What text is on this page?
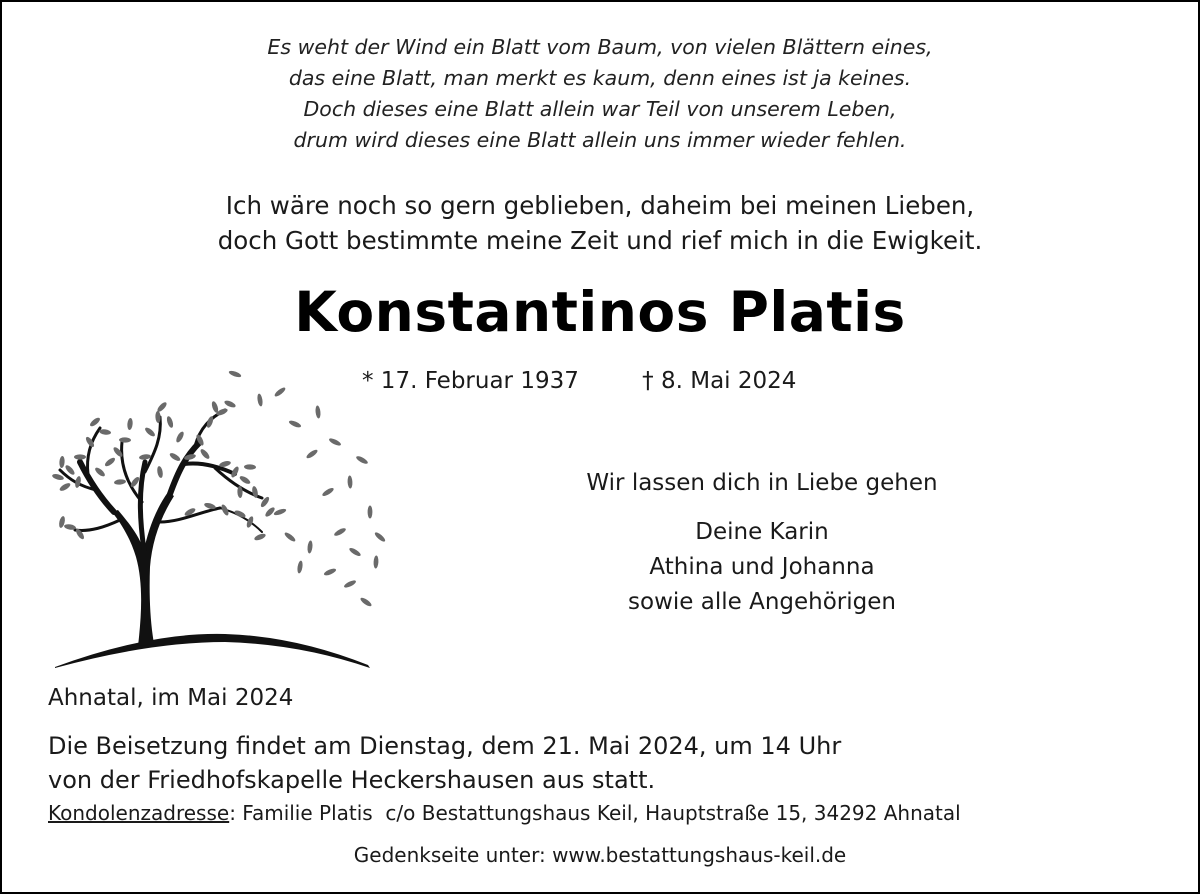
Es weht der Wind ein Blatt vom Baum, von vielen Blättern eines,
das eine Blatt, man merkt es kaum, denn eines ist ja keines.
Doch dieses eine Blatt allein war Teil von unserem Leben,
drum wird dieses eine Blatt allein uns immer wieder fehlen.
Ich wäre noch so gern geblieben, daheim bei meinen Lieben,
doch Gott bestimmte meine Zeit und rief mich in die Ewigkeit.
Konstantinos Platis
* 17. Februar 1937	† 8. Mai 2024
Wir lassen dich in Liebe gehen
Deine Karin
Athina und Johanna
sowie alle Angehörigen
Ahnatal, im Mai 2024
Die Beisetzung findet am Dienstag, dem 21. Mai 2024, um 14 Uhr
von der Friedhofskapelle Heckershausen aus statt.
Kondolenzadresse: Familie Platis  c/o Bestattungshaus Keil, Hauptstraße 15, 34292 Ahnatal
Gedenkseite unter: www.bestattungshaus-keil.de
